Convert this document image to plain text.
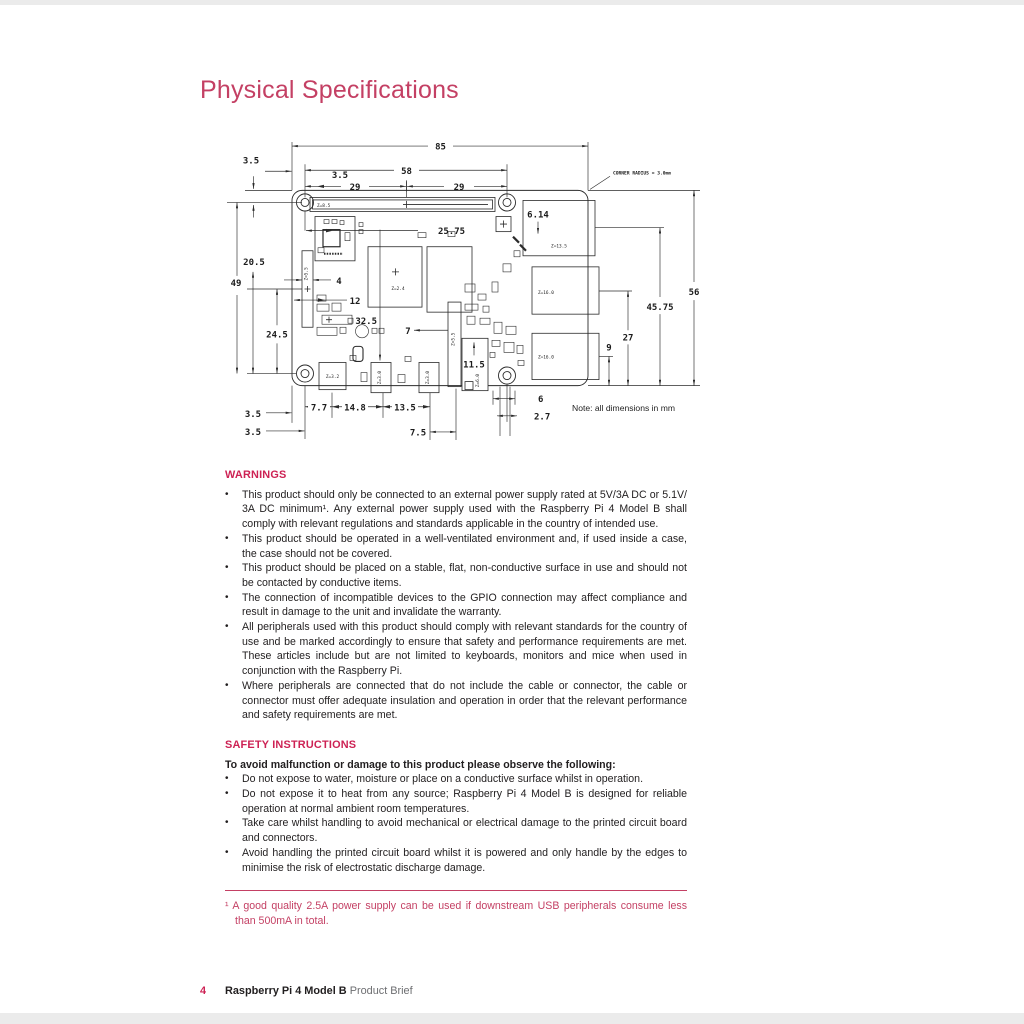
Physical Specifications
85
58
3.5
3.5
29	29
20.5
49
24.5
3.5
3.5
25.75
4
12
32.5
7
11.5
6.14
7.7 14.8	13.5
7.5
6
2.7
9
27
45.75
56
Z=8.5
Z=13.5
Z=16.0
Z=16.0
Z=2.4
Z=3.2	Z=3.0	Z=3.0
Z=5.5
Z=5.5
Z=6.0
CORNER RADIUS = 3.0mm
Note: all dimensions in mm
WARNINGS
•	This product should only be connected to an external power supply rated at 5V/3A DC or 5.1V/ 3A DC minimum¹. Any external power supply used with the Raspberry Pi 4 Model B shall comply with relevant regulations and standards applicable in the country of intended use.
•	This product should be operated in a well-ventilated environment and, if used inside a case, the case should not be covered.
•	This product should be placed on a stable, flat, non-conductive surface in use and should not be contacted by conductive items.
•	The connection of incompatible devices to the GPIO connection may affect compliance and result in damage to the unit and invalidate the warranty.
•	All peripherals used with this product should comply with relevant standards for the country of use and be marked accordingly to ensure that safety and performance requirements are met. These articles include but are not limited to keyboards, monitors and mice when used in conjunction with the Raspberry Pi.
•	Where peripherals are connected that do not include the cable or connector, the cable or connector must offer adequate insulation and operation in order that the relevant performance and safety requirements are met.
SAFETY INSTRUCTIONS
To avoid malfunction or damage to this product please observe the following:
•	Do not expose to water, moisture or place on a conductive surface whilst in operation.
•	Do not expose it to heat from any source; Raspberry Pi 4 Model B is designed for reliable operation at normal ambient room temperatures.
•	Take care whilst handling to avoid mechanical or electrical damage to the printed circuit board and connectors.
•	Avoid handling the printed circuit board whilst it is powered and only handle by the edges to minimise the risk of electrostatic discharge damage.
¹ A good quality 2.5A power supply can be used if downstream USB peripherals consume less than 500mA in total.
4 Raspberry Pi 4 Model B Product Brief
